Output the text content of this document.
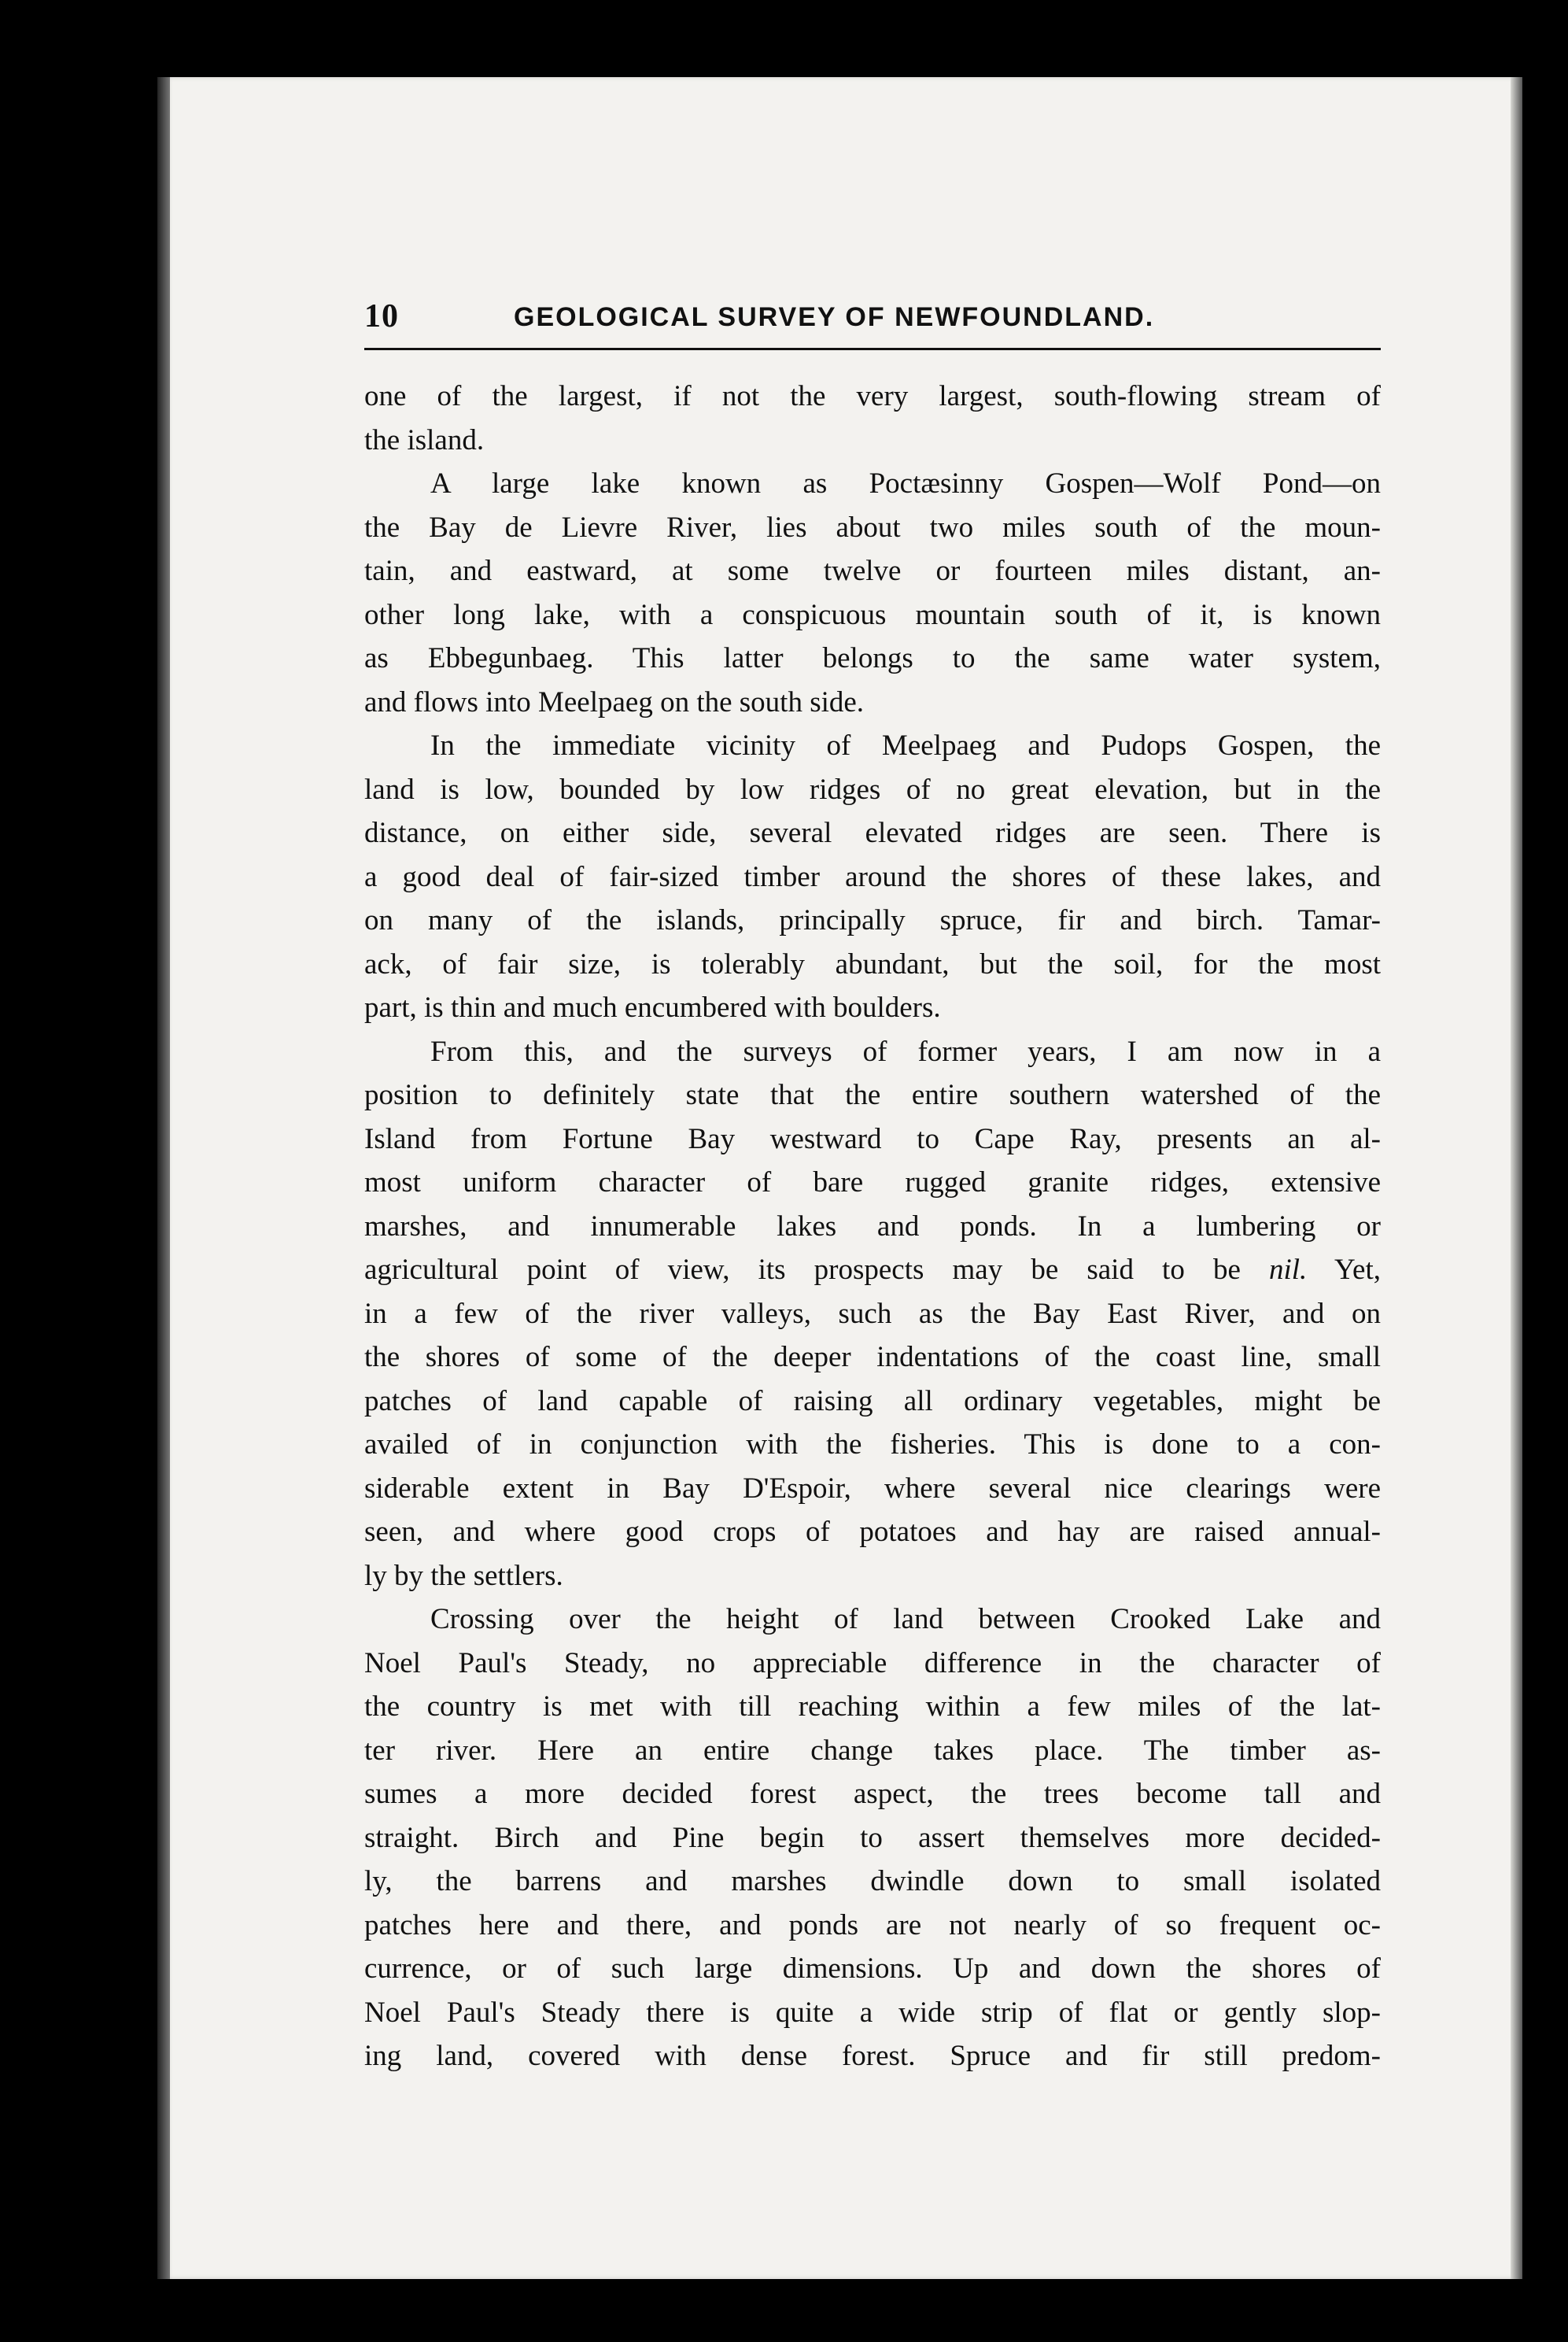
10	GEOLOGICAL SURVEY OF NEWFOUNDLAND.
one of the largest, if not the very largest, south-flowing stream of
the island.
A large lake known as Poctæsinny Gospen—Wolf Pond—on
the Bay de Lievre River, lies about two miles south of the moun-
tain, and eastward, at some twelve or fourteen miles distant, an-
other long lake, with a conspicuous mountain south of it, is known
as Ebbegunbaeg. This latter belongs to the same water system,
and flows into Meelpaeg on the south side.
In the immediate vicinity of Meelpaeg and Pudops Gospen, the
land is low, bounded by low ridges of no great elevation, but in the
distance, on either side, several elevated ridges are seen. There is
a good deal of fair-sized timber around the shores of these lakes, and
on many of the islands, principally spruce, fir and birch. Tamar-
ack, of fair size, is tolerably abundant, but the soil, for the most
part, is thin and much encumbered with boulders.
From this, and the surveys of former years, I am now in a
position to definitely state that the entire southern watershed of the
Island from Fortune Bay westward to Cape Ray, presents an al-
most uniform character of bare rugged granite ridges, extensive
marshes, and innumerable lakes and ponds. In a lumbering or
agricultural point of view, its prospects may be said to be nil. Yet,
in a few of the river valleys, such as the Bay East River, and on
the shores of some of the deeper indentations of the coast line, small
patches of land capable of raising all ordinary vegetables, might be
availed of in conjunction with the fisheries. This is done to a con-
siderable extent in Bay D'Espoir, where several nice clearings were
seen, and where good crops of potatoes and hay are raised annual-
ly by the settlers.
Crossing over the height of land between Crooked Lake and
Noel Paul's Steady, no appreciable difference in the character of
the country is met with till reaching within a few miles of the lat-
ter river. Here an entire change takes place. The timber as-
sumes a more decided forest aspect, the trees become tall and
straight. Birch and Pine begin to assert themselves more decided-
ly, the barrens and marshes dwindle down to small isolated
patches here and there, and ponds are not nearly of so frequent oc-
currence, or of such large dimensions. Up and down the shores of
Noel Paul's Steady there is quite a wide strip of flat or gently slop-
ing land, covered with dense forest. Spruce and fir still predom-
